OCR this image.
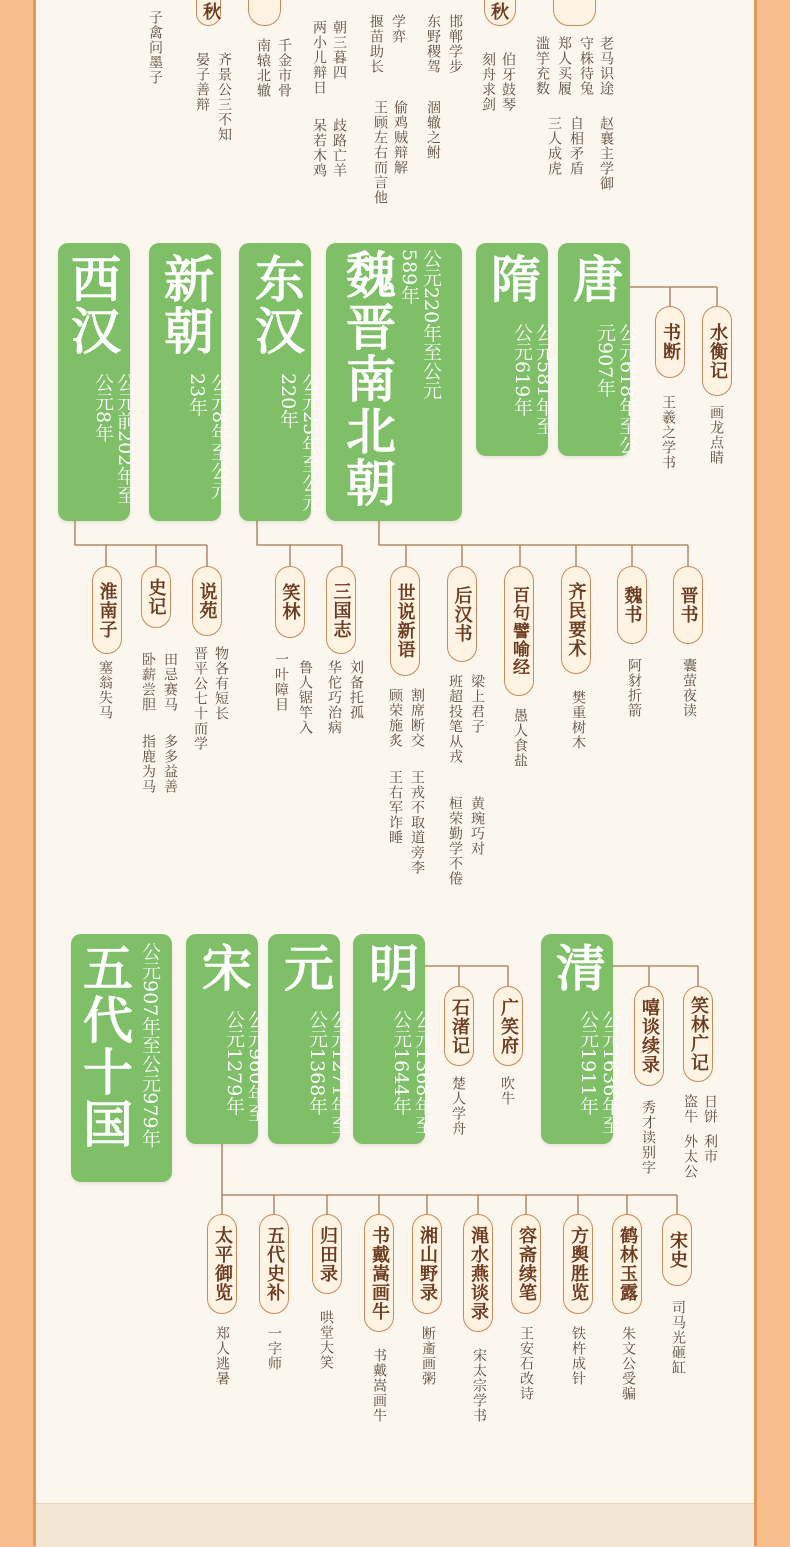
秋	秋
子禽问墨子 晏子善辩 齐景公三不知 南辕北辙 千金市骨 两小儿辩日 朝三暮四
呆若木鸡 歧路亡羊
揠苗助长 学弈
王顾左右而言他 偷鸡贼辩解
东野稷驾 邯郸学步
涸辙之鲋
刻舟求剑 伯牙鼓琴 滥竽充数 郑人买履
三人成虎 自相矛盾
守株待兔 老马识途
赵襄主学御
西汉
公元前202年至公元8年
新朝
公元8年至公元23年
东汉
公元25年至公元220年 魏晋南北朝	公元220年至公元589年	隋
公元581年至公元619年
唐
公元618年至公元907年	书断 水衡记
王羲之学书 画龙点睛
淮南子 史记 说苑	笑林 三国志 世说新语 后汉书 百句譬喻经 齐民要术 魏书 晋书
塞翁失马	田忌赛马
卧薪尝胆
指鹿为马
物各有短长
晋平公七十而学
多多益善
一叶障目 鲁人锯竿入 华佗巧治病 刘备托孤	割席断交
王戎不取道旁李
顾荣施炙
王右军诈睡
梁上君子
班超投笔从戎
黄琬巧对
桓荣勤学不倦
愚人食盐	樊重树木
阿豺折箭	囊萤夜读
五代十国 公元907年至公元979年 宋
公元960年至公元1279年
元
公元1271年至公元1368年
明
公元1368年至公元1644年
清
公元1636年至公元1911年
石渚记 广笑府
楚人学舟 吹牛
嘻谈续录 笑林广记
秀才读别字 盗牛 日饼
外太公 利市
太平御览 五代史补 归田录 书戴嵩画牛 湘山野录 渑水燕谈录 容斋续笔 方舆胜览 鹤林玉露 宋史
郑人逃暑	一字师	哄堂大笑
书戴嵩画牛 断齑画粥	宋太宗学书 王安石改诗	铁杵成针 朱文公受骗 司马光砸缸
